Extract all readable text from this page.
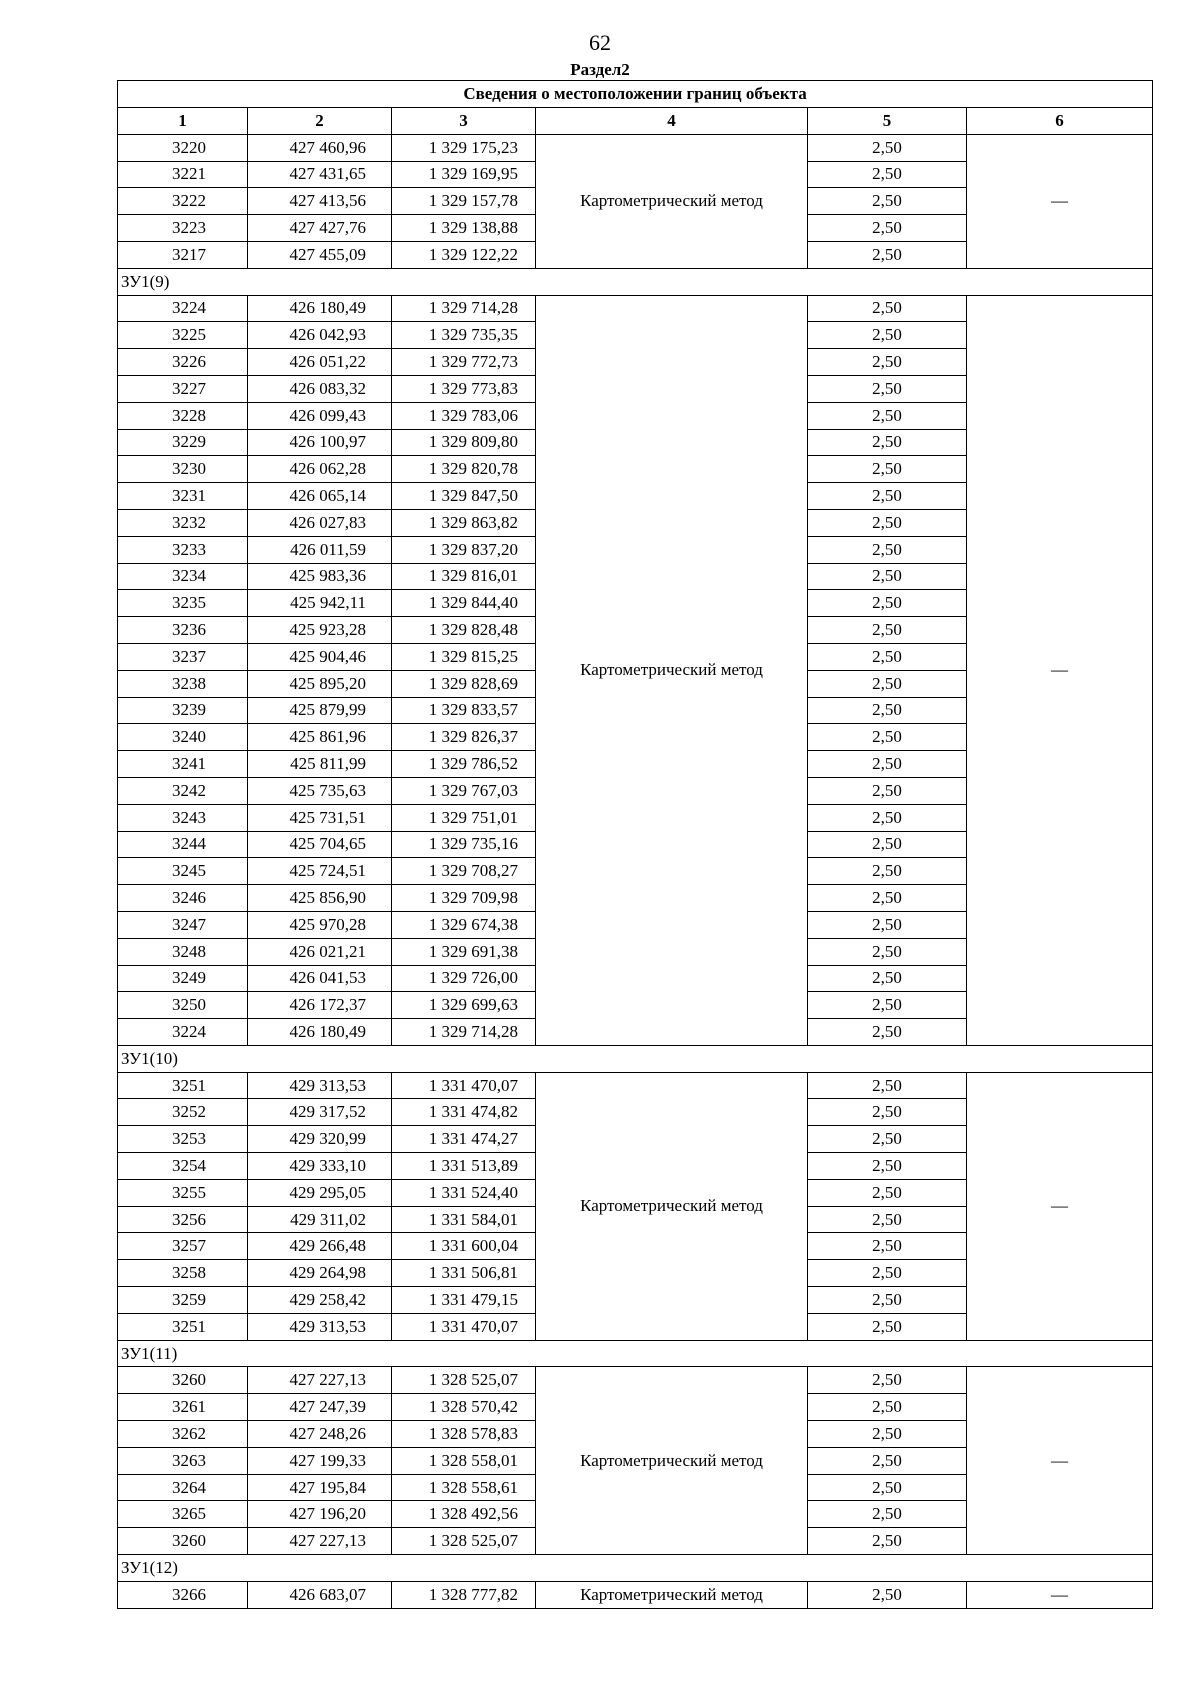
62
Раздел2
Сведения о местоположении границ объекта					
1	2	3	4	5	6
3220	427 460,96	1 329 175,23	Картометрический метод	2,50	—
3221	427 431,65	1 329 169,95		2,50	
3222	427 413,56	1 329 157,78		2,50	
3223	427 427,76	1 329 138,88		2,50	
3217	427 455,09	1 329 122,22		2,50	
ЗУ1(9)					
3224	426 180,49	1 329 714,28	Картометрический метод	2,50	—
3225	426 042,93	1 329 735,35		2,50	
3226	426 051,22	1 329 772,73		2,50	
3227	426 083,32	1 329 773,83		2,50	
3228	426 099,43	1 329 783,06		2,50	
3229	426 100,97	1 329 809,80		2,50	
3230	426 062,28	1 329 820,78		2,50	
3231	426 065,14	1 329 847,50		2,50	
3232	426 027,83	1 329 863,82		2,50	
3233	426 011,59	1 329 837,20		2,50	
3234	425 983,36	1 329 816,01		2,50	
3235	425 942,11	1 329 844,40		2,50	
3236	425 923,28	1 329 828,48		2,50	
3237	425 904,46	1 329 815,25		2,50	
3238	425 895,20	1 329 828,69		2,50	
3239	425 879,99	1 329 833,57		2,50	
3240	425 861,96	1 329 826,37		2,50	
3241	425 811,99	1 329 786,52		2,50	
3242	425 735,63	1 329 767,03		2,50	
3243	425 731,51	1 329 751,01		2,50	
3244	425 704,65	1 329 735,16		2,50	
3245	425 724,51	1 329 708,27		2,50	
3246	425 856,90	1 329 709,98		2,50	
3247	425 970,28	1 329 674,38		2,50	
3248	426 021,21	1 329 691,38		2,50	
3249	426 041,53	1 329 726,00		2,50	
3250	426 172,37	1 329 699,63		2,50	
3224	426 180,49	1 329 714,28		2,50	
ЗУ1(10)					
3251	429 313,53	1 331 470,07	Картометрический метод	2,50	—
3252	429 317,52	1 331 474,82		2,50	
3253	429 320,99	1 331 474,27		2,50	
3254	429 333,10	1 331 513,89		2,50	
3255	429 295,05	1 331 524,40		2,50	
3256	429 311,02	1 331 584,01		2,50	
3257	429 266,48	1 331 600,04		2,50	
3258	429 264,98	1 331 506,81		2,50	
3259	429 258,42	1 331 479,15		2,50	
3251	429 313,53	1 331 470,07		2,50	
ЗУ1(11)					
3260	427 227,13	1 328 525,07	Картометрический метод	2,50	—
3261	427 247,39	1 328 570,42		2,50	
3262	427 248,26	1 328 578,83		2,50	
3263	427 199,33	1 328 558,01		2,50	
3264	427 195,84	1 328 558,61		2,50	
3265	427 196,20	1 328 492,56		2,50	
3260	427 227,13	1 328 525,07		2,50	
ЗУ1(12)					
3266	426 683,07	1 328 777,82	Картометрический метод	2,50	—
